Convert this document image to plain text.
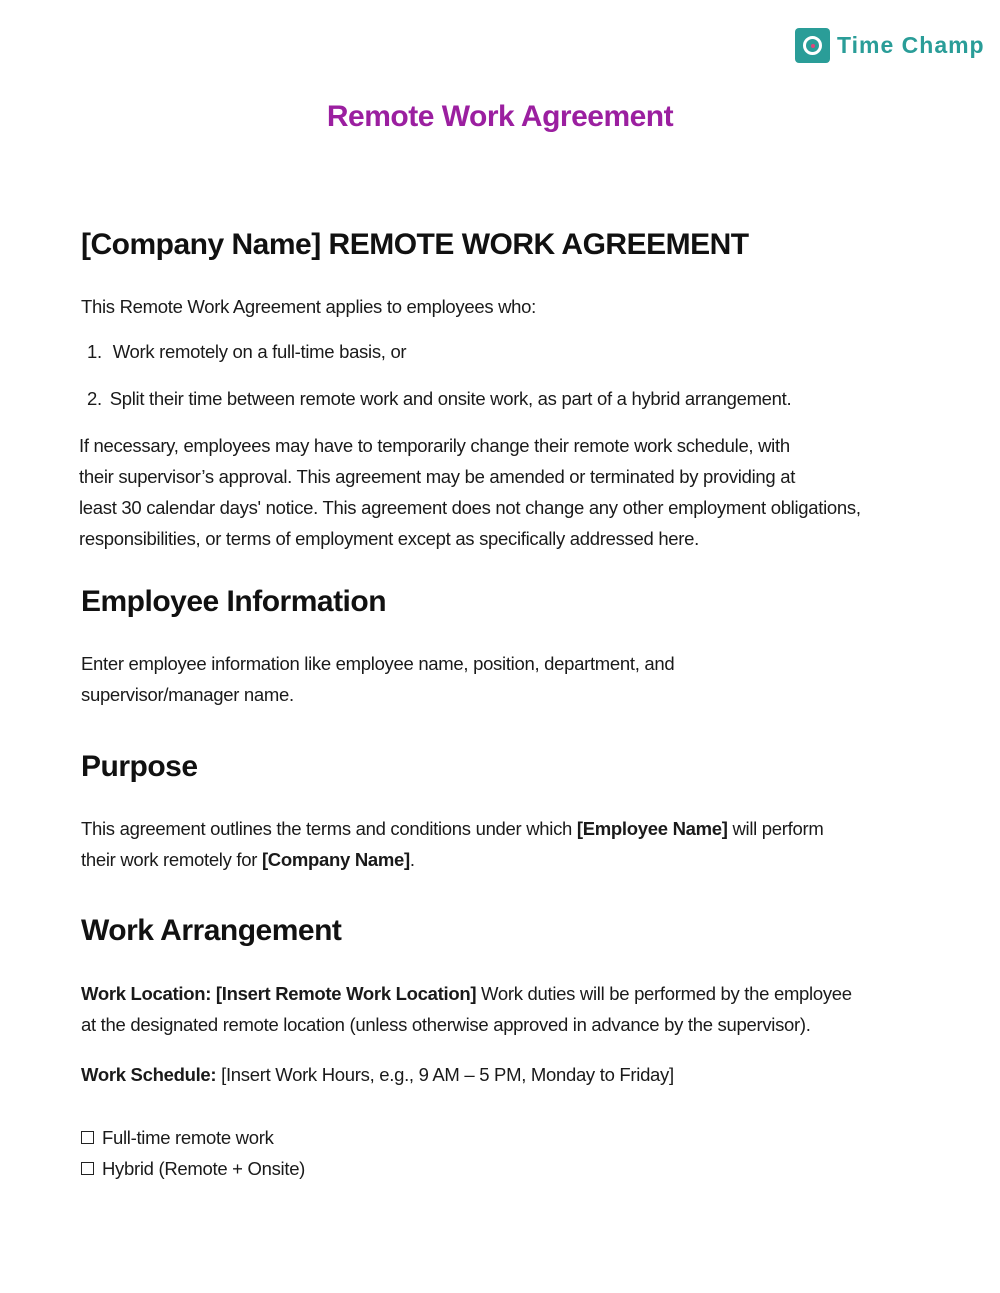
Time Champ
Remote Work Agreement
[Company Name] REMOTE WORK AGREEMENT

This Remote Work Agreement applies to employees who:

1. Work remotely on a full-time basis, or
2. Split their time between remote work and onsite work, as part of a hybrid arrangement.

If necessary, employees may have to temporarily change their remote work schedule, with

their supervisor’s approval. This agreement may be amended or terminated by providing at

least 30 calendar days' notice. This agreement does not change any other employment obligations,

responsibilities, or terms of employment except as specifically addressed here.

Employee Information

Enter employee information like employee name, position, department, and

supervisor/manager name.

Purpose

This agreement outlines the terms and conditions under which [Employee Name] will perform

their work remotely for [Company Name].

Work Arrangement

Work Location: [Insert Remote Work Location] Work duties will be performed by the employee

at the designated remote location (unless otherwise approved in advance by the supervisor).

Work Schedule: [Insert Work Hours, e.g., 9 AM – 5 PM, Monday to Friday]

Full-time remote work
Hybrid (Remote + Onsite)
